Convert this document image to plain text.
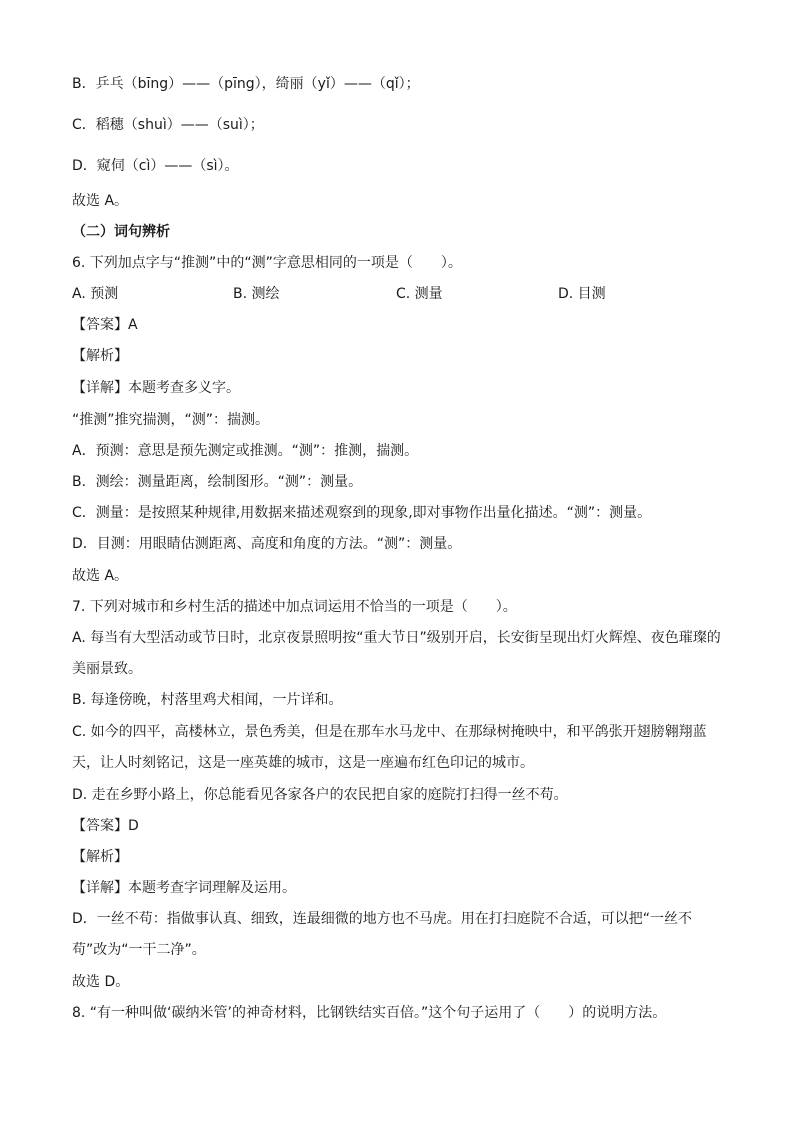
B．乒乓（bīng）——（pīng），绮丽（yǐ）——（qǐ）；
C．稻穗（shuì）——（suì）；
D．窥伺（cì）——（sì）。
故选 A。
（二）词句辨析
6. 下列加点字与“推测”中的“测”字意思相同的一项是（　　）。
A. 预测	B. 测绘	C. 测量	D. 目测
【答案】A
【解析】
【详解】本题考查多义字。
“推测”推究揣测，“测”：揣测。
A．预测：意思是预先测定或推测。“测”：推测，揣测。
B．测绘：测量距离，绘制图形。“测”：测量。
C．测量：是按照某种规律,用数据来描述观察到的现象,即对事物作出量化描述。“测”：测量。
D．目测：用眼睛估测距离、高度和角度的方法。“测”：测量。
故选 A。
7. 下列对城市和乡村生活的描述中加点词运用不恰当的一项是（　　）。
A. 每当有大型活动或节日时，北京夜景照明按“重大节日”级别开启，长安街呈现出灯火辉煌、夜色璀璨的美丽景致。
B. 每逢傍晚，村落里鸡犬相闻，一片详和。
C. 如今的四平，高楼林立，景色秀美，但是在那车水马龙中、在那绿树掩映中，和平鸽张开翅膀翱翔蓝天，让人时刻铭记，这是一座英雄的城市，这是一座遍布红色印记的城市。
D. 走在乡野小路上，你总能看见各家各户的农民把自家的庭院打扫得一丝不苟。
【答案】D
【解析】
【详解】本题考查字词理解及运用。
D．一丝不苟：指做事认真、细致，连最细微的地方也不马虎。用在打扫庭院不合适，可以把“一丝不苟”改为“一干二净”。
故选 D。
8. “有一种叫做‘碳纳米管’的神奇材料，比钢铁结实百倍。”这个句子运用了（　　）的说明方法。
